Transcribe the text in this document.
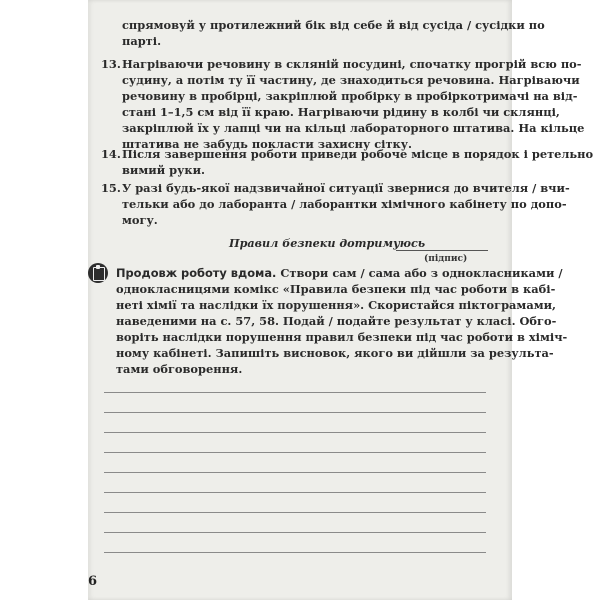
спрямовуй у протилежний бік від себе й від сусіда / сусідки по
парті.
13. Нагріваючи речовину в скляній посудині, спочатку прогрій всю по-
судину, а потім ту її частину, де знаходиться речовина. Нагріваючи
речовину в пробірці, закріплюй пробірку в пробіркотримачі на від-
стані 1–1,5 см від її краю. Нагріваючи рідину в колбі чи склянці,
закріплюй їх у лапці чи на кільці лабораторного штатива. На кільце
штатива не забудь покласти захисну сітку.
14. Після завершення роботи приведи робоче місце в порядок і ретельно
вимий руки.
15. У разі будь-якої надзвичайної ситуації звернися до вчителя / вчи-
тельки або до лаборанта / лаборантки хімічного кабінету по допо-
могу.
Правил безпеки дотримуюсь
(підпис)
Продовж роботу вдома. Створи сам / сама або з однокласниками /
однокласницями комікс «Правила безпеки під час роботи в кабі-
неті хімії та наслідки їх порушення». Скористайся піктограмами,
наведеними на с. 57, 58. Подай / подайте результат у класі. Обго-
воріть наслідки порушення правил безпеки під час роботи в хіміч-
ному кабінеті. Запишіть висновок, якого ви дійшли за результа-
тами обговорення.
6
